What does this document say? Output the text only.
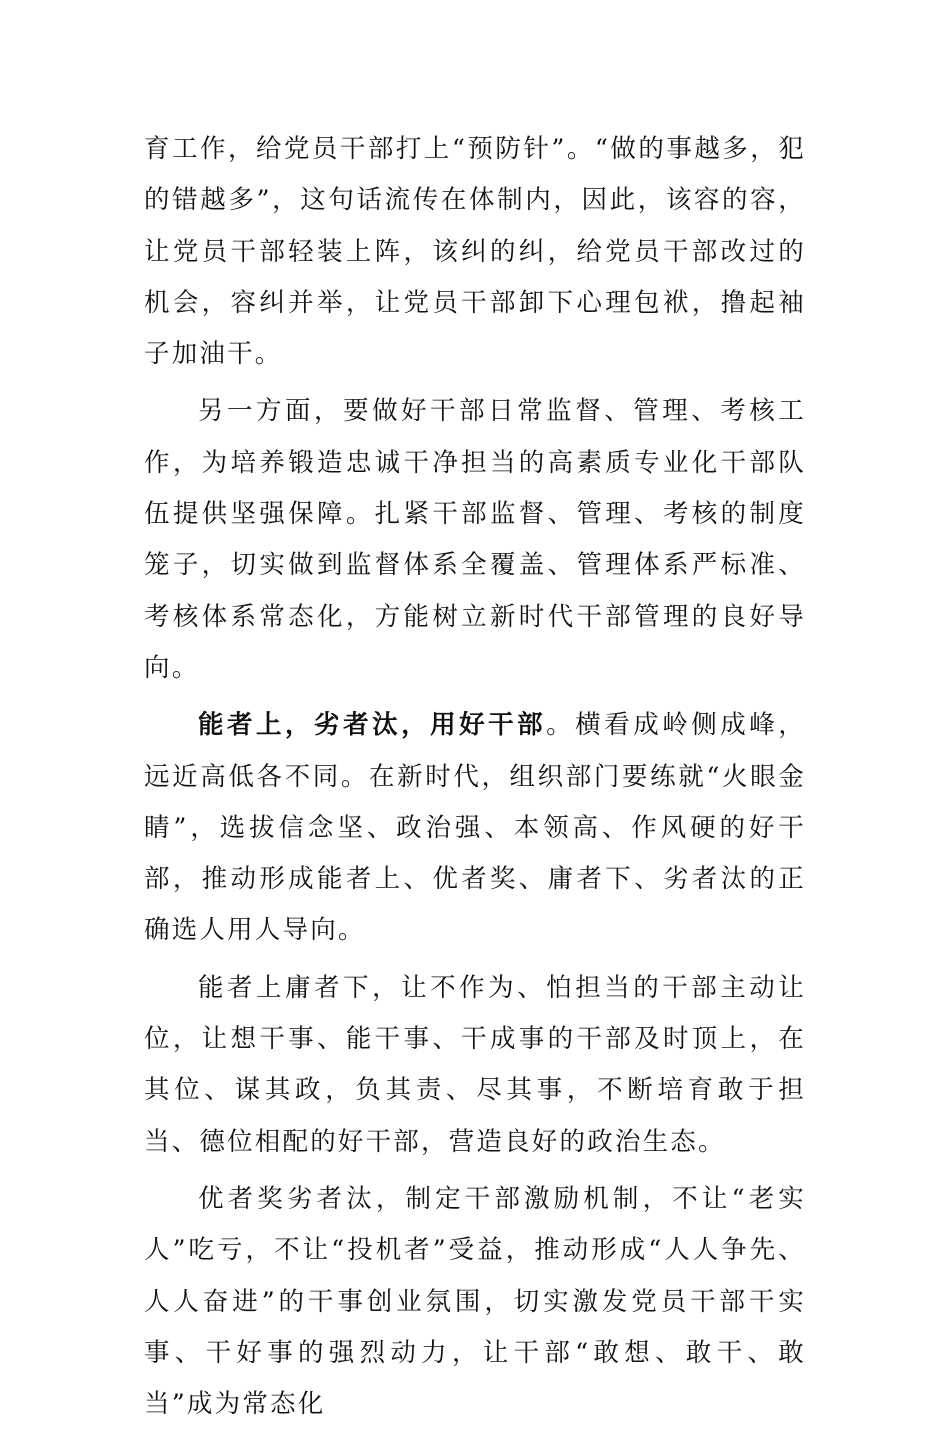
育工作，给党员干部打上“预防针”。“做的事越多，犯的错越多”，这句话流传在体制内，因此，该容的容，让党员干部轻装上阵，该纠的纠，给党员干部改过的机会，容纠并举，让党员干部卸下心理包袱，撸起袖子加油干。

另一方面，要做好干部日常监督、管理、考核工作，为培养锻造忠诚干净担当的高素质专业化干部队伍提供坚强保障。扎紧干部监督、管理、考核的制度笼子，切实做到监督体系全覆盖、管理体系严标准、考核体系常态化，方能树立新时代干部管理的良好导向。

能者上，劣者汰，用好干部。横看成岭侧成峰，远近高低各不同。在新时代，组织部门要练就“火眼金睛”，选拔信念坚、政治强、本领高、作风硬的好干部，推动形成能者上、优者奖、庸者下、劣者汰的正确选人用人导向。

能者上庸者下，让不作为、怕担当的干部主动让位，让想干事、能干事、干成事的干部及时顶上，在其位、谋其政，负其责、尽其事，不断培育敢于担当、德位相配的好干部，营造良好的政治生态。

优者奖劣者汰，制定干部激励机制，不让“老实人”吃亏，不让“投机者”受益，推动形成“人人争先、人人奋进”的干事创业氛围，切实激发党员干部干实事、干好事的强烈动力，让干部“敢想、敢干、敢当”成为常态化
